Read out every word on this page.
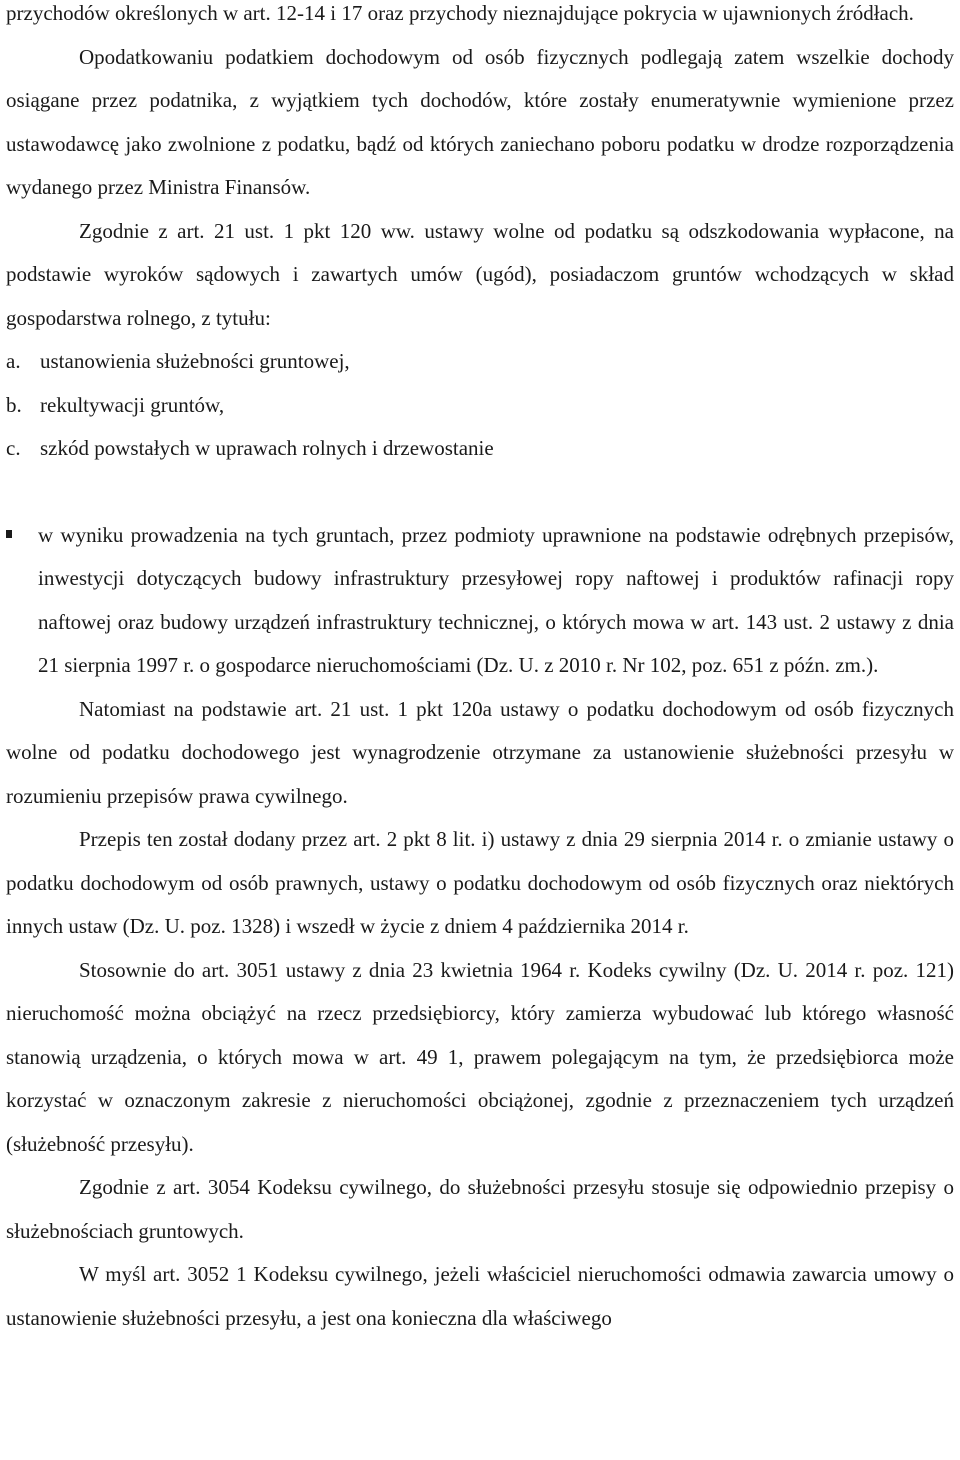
przychodów określonych w art. 12-14 i 17 oraz przychody nieznajdujące pokrycia w ujawnionych źródłach.

Opodatkowaniu podatkiem dochodowym od osób fizycznych podlegają zatem wszelkie dochody osiągane przez podatnika, z wyjątkiem tych dochodów, które zostały enumeratywnie wymienione przez ustawodawcę jako zwolnione z podatku, bądź od których zaniechano poboru podatku w drodze rozporządzenia wydanego przez Ministra Finansów.

Zgodnie z art. 21 ust. 1 pkt 120 ww. ustawy wolne od podatku są odszkodowania wypłacone, na podstawie wyroków sądowych i zawartych umów (ugód), posiadaczom gruntów wchodzących w skład gospodarstwa rolnego, z tytułu:

a. ustanowienia służebności gruntowej,
b. rekultywacji gruntów,
c. szkód powstałych w uprawach rolnych i drzewostanie

w wyniku prowadzenia na tych gruntach, przez podmioty uprawnione na podstawie odrębnych przepisów, inwestycji dotyczących budowy infrastruktury przesyłowej ropy naftowej i produktów rafinacji ropy naftowej oraz budowy urządzeń infrastruktury technicznej, o których mowa w art. 143 ust. 2 ustawy z dnia 21 sierpnia 1997 r. o gospodarce nieruchomościami (Dz. U. z 2010 r. Nr 102, poz. 651 z późn. zm.).

Natomiast na podstawie art. 21 ust. 1 pkt 120a ustawy o podatku dochodowym od osób fizycznych wolne od podatku dochodowego jest wynagrodzenie otrzymane za ustanowienie służebności przesyłu w rozumieniu przepisów prawa cywilnego.

Przepis ten został dodany przez art. 2 pkt 8 lit. i) ustawy z dnia 29 sierpnia 2014 r. o zmianie ustawy o podatku dochodowym od osób prawnych, ustawy o podatku dochodowym od osób fizycznych oraz niektórych innych ustaw (Dz. U. poz. 1328) i wszedł w życie z dniem 4 października 2014 r.

Stosownie do art. 3051 ustawy z dnia 23 kwietnia 1964 r. Kodeks cywilny (Dz. U. 2014 r. poz. 121) nieruchomość można obciążyć na rzecz przedsiębiorcy, który zamierza wybudować lub którego własność stanowią urządzenia, o których mowa w art. 49 1, prawem polegającym na tym, że przedsiębiorca może korzystać w oznaczonym zakresie z nieruchomości obciążonej, zgodnie z przeznaczeniem tych urządzeń (służebność przesyłu).

Zgodnie z art. 3054 Kodeksu cywilnego, do służebności przesyłu stosuje się odpowiednio przepisy o służebnościach gruntowych.

W myśl art. 3052 1 Kodeksu cywilnego, jeżeli właściciel nieruchomości odmawia zawarcia umowy o ustanowienie służebności przesyłu, a jest ona konieczna dla właściwego
